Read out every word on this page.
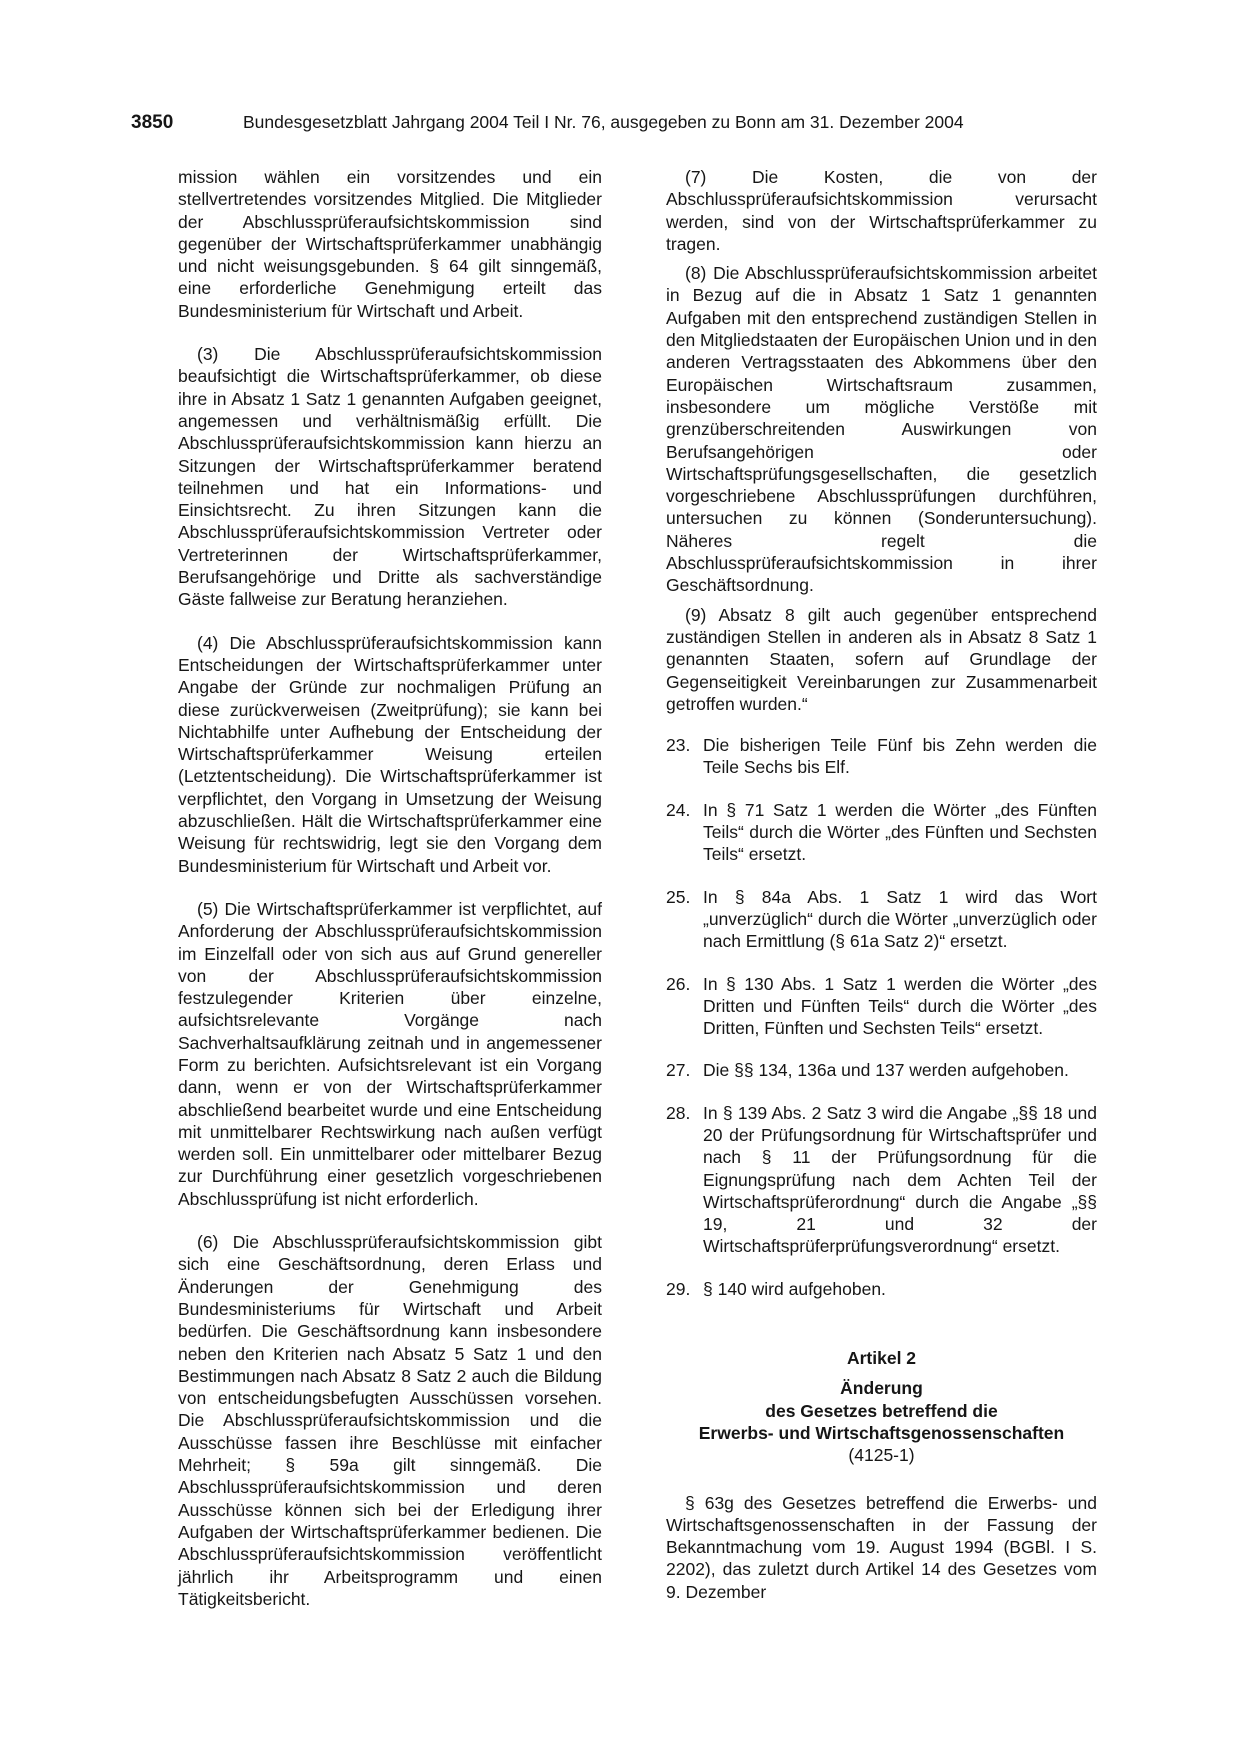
3850	Bundesgesetzblatt Jahrgang 2004 Teil I Nr. 76, ausgegeben zu Bonn am 31. Dezember 2004

mission wählen ein vorsitzendes und ein stellvertretendes vorsitzendes Mitglied. Die Mitglieder der Abschlussprüferaufsichtskommission sind gegenüber der Wirtschaftsprüferkammer unabhängig und nicht weisungsgebunden. § 64 gilt sinngemäß, eine erforderliche Genehmigung erteilt das Bundesministerium für Wirtschaft und Arbeit.

(3) Die Abschlussprüferaufsichtskommission beaufsichtigt die Wirtschaftsprüferkammer, ob diese ihre in Absatz 1 Satz 1 genannten Aufgaben geeignet, angemessen und verhältnismäßig erfüllt. Die Abschlussprüferaufsichtskommission kann hierzu an Sitzungen der Wirtschaftsprüferkammer beratend teilnehmen und hat ein Informations- und Einsichtsrecht. Zu ihren Sitzungen kann die Abschlussprüferaufsichtskommission Vertreter oder Vertreterinnen der Wirtschaftsprüferkammer, Berufsangehörige und Dritte als sachverständige Gäste fallweise zur Beratung heranziehen.

(4) Die Abschlussprüferaufsichtskommission kann Entscheidungen der Wirtschaftsprüferkammer unter Angabe der Gründe zur nochmaligen Prüfung an diese zurückverweisen (Zweitprüfung); sie kann bei Nichtabhilfe unter Aufhebung der Entscheidung der Wirtschaftsprüferkammer Weisung erteilen (Letztentscheidung). Die Wirtschaftsprüferkammer ist verpflichtet, den Vorgang in Umsetzung der Weisung abzuschließen. Hält die Wirtschaftsprüferkammer eine Weisung für rechtswidrig, legt sie den Vorgang dem Bundesministerium für Wirtschaft und Arbeit vor.

(5) Die Wirtschaftsprüferkammer ist verpflichtet, auf Anforderung der Abschlussprüferaufsichtskommission im Einzelfall oder von sich aus auf Grund genereller von der Abschlussprüferaufsichtskommission festzulegender Kriterien über einzelne, aufsichtsrelevante Vorgänge nach Sachverhaltsaufklärung zeitnah und in angemessener Form zu berichten. Aufsichtsrelevant ist ein Vorgang dann, wenn er von der Wirtschaftsprüferkammer abschließend bearbeitet wurde und eine Entscheidung mit unmittelbarer Rechtswirkung nach außen verfügt werden soll. Ein unmittelbarer oder mittelbarer Bezug zur Durchführung einer gesetzlich vorgeschriebenen Abschlussprüfung ist nicht erforderlich.

(6) Die Abschlussprüferaufsichtskommission gibt sich eine Geschäftsordnung, deren Erlass und Änderungen der Genehmigung des Bundesministeriums für Wirtschaft und Arbeit bedürfen. Die Geschäftsordnung kann insbesondere neben den Kriterien nach Absatz 5 Satz 1 und den Bestimmungen nach Absatz 8 Satz 2 auch die Bildung von entscheidungsbefugten Ausschüssen vorsehen. Die Abschlussprüferaufsichtskommission und die Ausschüsse fassen ihre Beschlüsse mit einfacher Mehrheit; § 59a gilt sinngemäß. Die Abschlussprüferaufsichtskommission und deren Ausschüsse können sich bei der Erledigung ihrer Aufgaben der Wirtschaftsprüferkammer bedienen. Die Abschlussprüferaufsichtskommission veröffentlicht jährlich ihr Arbeitsprogramm und einen Tätigkeitsbericht.

(7) Die Kosten, die von der Abschlussprüferaufsichtskommission verursacht werden, sind von der Wirtschaftsprüferkammer zu tragen.

(8) Die Abschlussprüferaufsichtskommission arbeitet in Bezug auf die in Absatz 1 Satz 1 genannten Aufgaben mit den entsprechend zuständigen Stellen in den Mitgliedstaaten der Europäischen Union und in den anderen Vertragsstaaten des Abkommens über den Europäischen Wirtschaftsraum zusammen, insbesondere um mögliche Verstöße mit grenzüberschreitenden Auswirkungen von Berufsangehörigen oder Wirtschaftsprüfungsgesellschaften, die gesetzlich vorgeschriebene Abschlussprüfungen durchführen, untersuchen zu können (Sonderuntersuchung). Näheres regelt die Abschlussprüferaufsichtskommission in ihrer Geschäftsordnung.

(9) Absatz 8 gilt auch gegenüber entsprechend zuständigen Stellen in anderen als in Absatz 8 Satz 1 genannten Staaten, sofern auf Grundlage der Gegenseitigkeit Vereinbarungen zur Zusammenarbeit getroffen wurden.“

23. Die bisherigen Teile Fünf bis Zehn werden die Teile Sechs bis Elf.
24. In § 71 Satz 1 werden die Wörter „des Fünften Teils“ durch die Wörter „des Fünften und Sechsten Teils“ ersetzt.
25. In § 84a Abs. 1 Satz 1 wird das Wort „unverzüglich“ durch die Wörter „unverzüglich oder nach Ermittlung (§ 61a Satz 2)“ ersetzt.
26. In § 130 Abs. 1 Satz 1 werden die Wörter „des Dritten und Fünften Teils“ durch die Wörter „des Dritten, Fünften und Sechsten Teils“ ersetzt.
27. Die §§ 134, 136a und 137 werden aufgehoben.
28. In § 139 Abs. 2 Satz 3 wird die Angabe „§§ 18 und 20 der Prüfungsordnung für Wirtschaftsprüfer und nach § 11 der Prüfungsordnung für die Eignungsprüfung nach dem Achten Teil der Wirtschaftsprüferordnung“ durch die Angabe „§§ 19, 21 und 32 der Wirtschaftsprüferprüfungsverordnung“ ersetzt.
29. § 140 wird aufgehoben.
Artikel 2
Änderung
des Gesetzes betreffend die
Erwerbs- und Wirtschaftsgenossenschaften
(4125-1)

§ 63g des Gesetzes betreffend die Erwerbs- und Wirtschaftsgenossenschaften in der Fassung der Bekanntmachung vom 19. August 1994 (BGBl. I S. 2202), das zuletzt durch Artikel 14 des Gesetzes vom 9. Dezember
